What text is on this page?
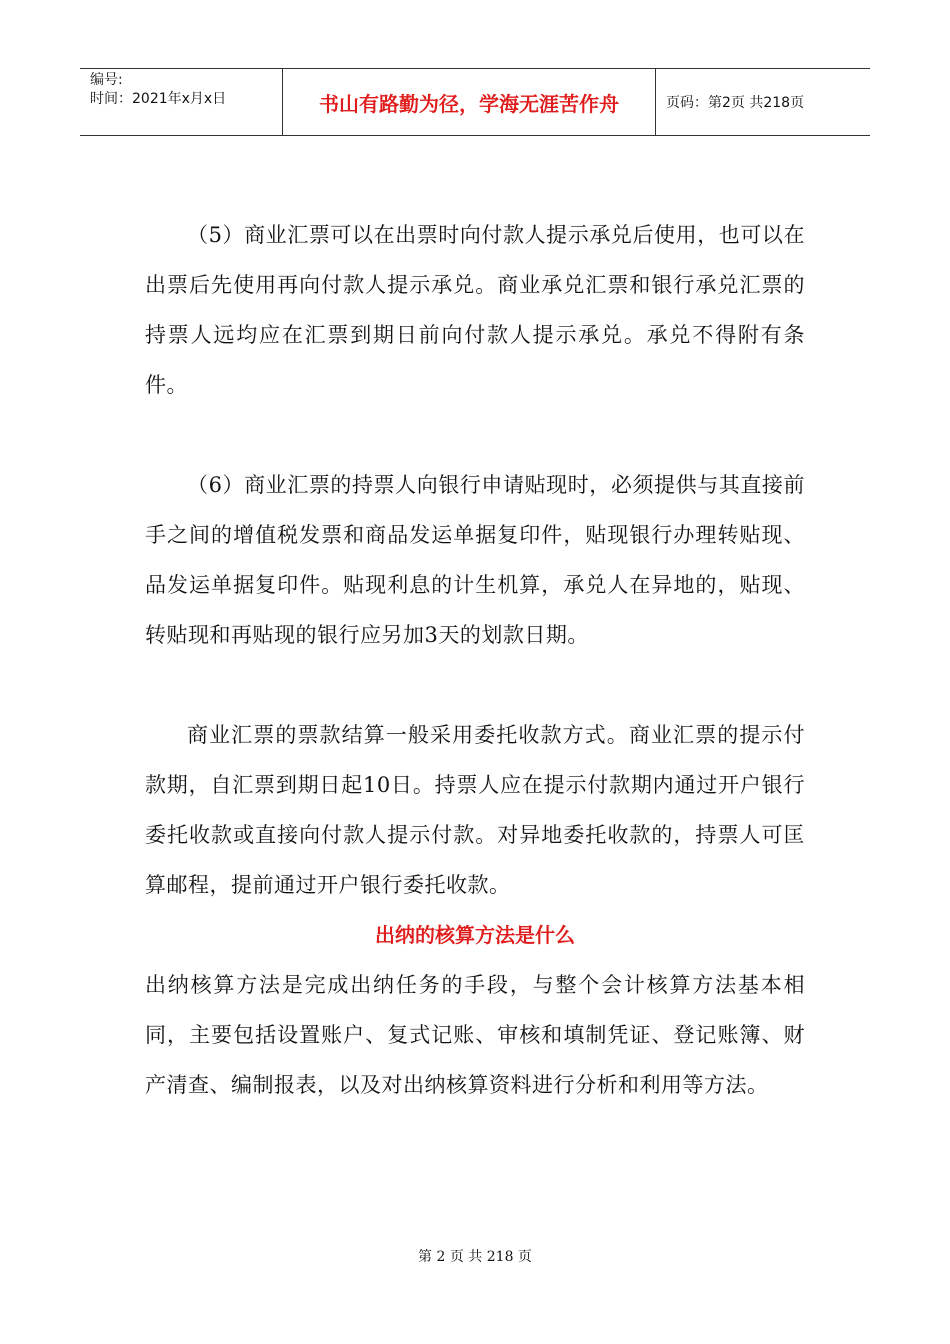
编号:
时间：2021年x月x日	书山有路勤为径，学海无涯苦作舟	页码：第2页 共218页

（5）商业汇票可以在出票时向付款人提示承兑后使用，也可以在出票后先使用再向付款人提示承兑。商业承兑汇票和银行承兑汇票的持票人远均应在汇票到期日前向付款人提示承兑。承兑不得附有条件。

（6）商业汇票的持票人向银行申请贴现时，必须提供与其直接前手之间的增值税发票和商品发运单据复印件，贴现银行办理转贴现、品发运单据复印件。贴现利息的计生机算，承兑人在异地的，贴现、转贴现和再贴现的银行应另加3天的划款日期。

商业汇票的票款结算一般采用委托收款方式。商业汇票的提示付款期，自汇票到期日起10日。持票人应在提示付款期内通过开户银行委托收款或直接向付款人提示付款。对异地委托收款的，持票人可匡算邮程，提前通过开户银行委托收款。

出纳的核算方法是什么

出纳核算方法是完成出纳任务的手段，与整个会计核算方法基本相同，主要包括设置账户、复式记账、审核和填制凭证、登记账簿、财产清查、编制报表，以及对出纳核算资料进行分析和利用等方法。

第 2 页 共 218 页
